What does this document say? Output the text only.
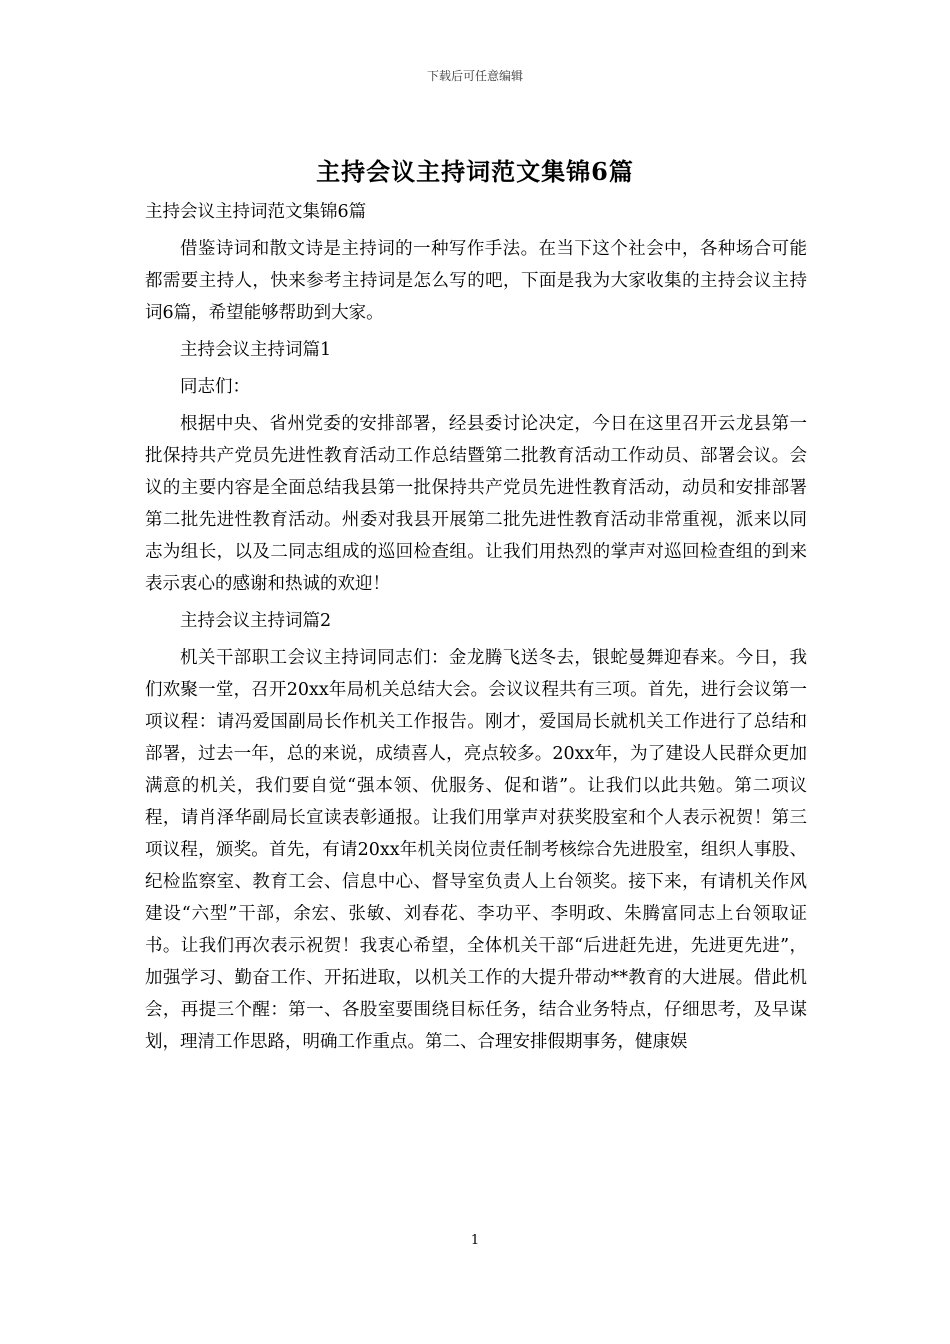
下载后可任意编辑
主持会议主持词范文集锦6篇

主持会议主持词范文集锦6篇

借鉴诗词和散文诗是主持词的一种写作手法。在当下这个社会中，各种场合可能都需要主持人，快来参考主持词是怎么写的吧，下面是我为大家收集的主持会议主持词6篇，希望能够帮助到大家。

主持会议主持词篇1

同志们：

根据中央、省州党委的安排部署，经县委讨论决定，今日在这里召开云龙县第一批保持共产党员先进性教育活动工作总结暨第二批教育活动工作动员、部署会议。会议的主要内容是全面总结我县第一批保持共产党员先进性教育活动，动员和安排部署第二批先进性教育活动。州委对我县开展第二批先进性教育活动非常重视，派来以同志为组长，以及二同志组成的巡回检查组。让我们用热烈的掌声对巡回检查组的到来表示衷心的感谢和热诚的欢迎！

主持会议主持词篇2

机关干部职工会议主持词同志们：金龙腾飞送冬去，银蛇曼舞迎春来。今日，我们欢聚一堂，召开20xx年局机关总结大会。会议议程共有三项。首先，进行会议第一项议程：请冯爱国副局长作机关工作报告。刚才，爱国局长就机关工作进行了总结和部署，过去一年，总的来说，成绩喜人，亮点较多。20xx年，为了建设人民群众更加满意的机关，我们要自觉“强本领、优服务、促和谐”。让我们以此共勉。第二项议程，请肖泽华副局长宣读表彰通报。让我们用掌声对获奖股室和个人表示祝贺！第三项议程，颁奖。首先，有请20xx年机关岗位责任制考核综合先进股室，组织人事股、纪检监察室、教育工会、信息中心、督导室负责人上台领奖。接下来，有请机关作风建设“六型”干部，余宏、张敏、刘春花、李功平、李明政、朱腾富同志上台领取证书。让我们再次表示祝贺！我衷心希望，全体机关干部“后进赶先进，先进更先进”，加强学习、勤奋工作、开拓进取，以机关工作的大提升带动**教育的大进展。借此机会，再提三个醒：第一、各股室要围绕目标任务，结合业务特点，仔细思考，及早谋划，理清工作思路，明确工作重点。第二、合理安排假期事务，健康娱

1
